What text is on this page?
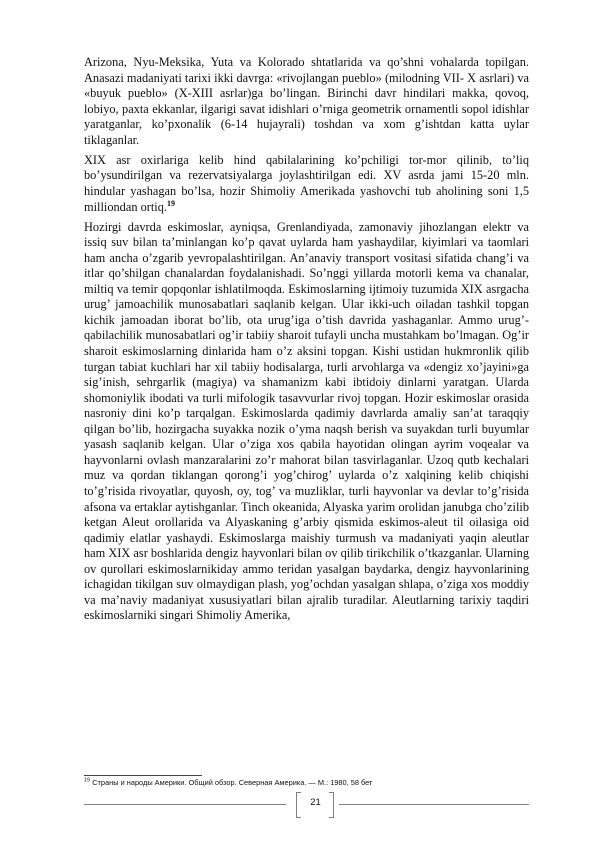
Arizona, Nyu-Meksika, Yuta va Kolorado shtatlarida va qo’shni vohalarda topilgan. Anasazi madaniyati tarixi ikki davrga: «rivojlangan pueblo» (milodning VII- X asrlari) va «buyuk pueblo» (X-XIII asrlar)ga bo’lingan. Birinchi davr hindilari makka, qovoq, lobiyo, paxta ekkanlar, ilgarigi savat idishlari o’rniga geometrik ornamentli sopol idishlar yaratganlar, ko’pxonalik (6-14 hujayrali) toshdan va xom g’ishtdan katta uylar tiklaganlar.

XIX asr oxirlariga kelib hind qabilalarining ko’pchiligi tor-mor qilinib, to’liq bo’ysundirilgan va rezervatsiyalarga joylashtirilgan edi. XV asrda jami 15-20 mln. hindular yashagan bo’lsa, hozir Shimoliy Amerikada yashovchi tub aholining soni 1,5 milliondan ortiq.$^{19}$

Hozirgi davrda eskimoslar, ayniqsa, Grenlandiyada, zamonaviy jihozlangan elektr va issiq suv bilan ta’minlangan ko’p qavat uylarda ham yashaydilar, kiyimlari va taomlari ham ancha o’zgarib yevropalashtirilgan. An’anaviy transport vositasi sifatida chang’i va itlar qo’shilgan chanalardan foydalanishadi. So’nggi yillarda motorli kema va chanalar, miltiq va temir qopqonlar ishlatilmoqda. Eskimoslarning ijtimoiy tuzumida XIX asrgacha urug’ jamoachilik munosabatlari saqlanib kelgan. Ular ikki-uch oiladan tashkil topgan kichik jamoadan iborat bo’lib, ota urug’iga o’tish davrida yashaganlar. Ammo urug’-qabilachilik munosabatlari og’ir tabiiy sharoit tufayli uncha mustahkam bo’lmagan. Og’ir sharoit eskimoslarning dinlarida ham o’z aksini topgan. Kishi ustidan hukmronlik qilib turgan tabiat kuchlari har xil tabiiy hodisalarga, turli arvohlarga va «dengiz xo’jayini»ga sig’inish, sehrgarlik (magiya) va shamanizm kabi ibtidoiy dinlarni yaratgan. Ularda shomoniylik ibodati va turli mifologik tasavvurlar rivoj topgan. Hozir eskimoslar orasida nasroniy dini ko’p tarqalgan. Eskimoslarda qadimiy davrlarda amaliy san’at taraqqiy qilgan bo’lib, hozirgacha suyakka nozik o’yma naqsh berish va suyakdan turli buyumlar yasash saqlanib kelgan. Ular o’ziga xos qabila hayotidan olingan ayrim voqealar va hayvonlarni ovlash manzaralarini zo’r mahorat bilan tasvirlaganlar. Uzoq qutb kechalari muz va qordan tiklangan qorong’i yog’chirog’ uylarda o’z xalqining kelib chiqishi to’g’risida rivoyatlar, quyosh, oy, tog’ va muzliklar, turli hayvonlar va devlar to’g’risida afsona va ertaklar aytishganlar. Tinch okeanida, Alyaska yarim orolidan janubga cho’zilib ketgan Aleut orollarida va Alyaskaning g’arbiy qismida eskimos-aleut til oilasiga oid qadimiy elatlar yashaydi. Eskimoslarga maishiy turmush va madaniyati yaqin aleutlar ham XIX asr boshlarida dengiz hayvonlari bilan ov qilib tirikchilik o’tkazganlar. Ularning ov qurollari eskimoslarnikiday ammo teridan yasalgan baydarka, dengiz hayvonlarining ichagidan tikilgan suv olmaydigan plash, yog’ochdan yasalgan shlapa, o’ziga xos moddiy va ma’naviy madaniyat xususiyatlari bilan ajralib turadilar. Aleutlarning tarixiy taqdiri eskimoslarniki singari Shimoliy Amerika,

$^{19}$ Страны и народы Америки. Общий обзор. Северная Америка. — М.: 1980, 58 бет
21
